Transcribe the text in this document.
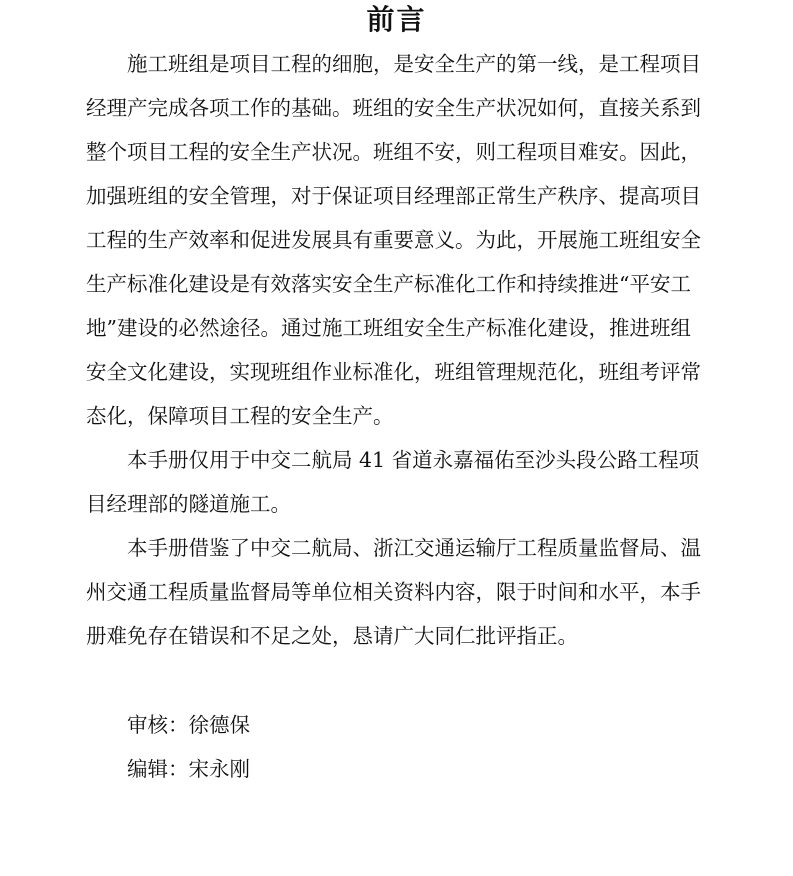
前言
施工班组是项目工程的细胞，是安全生产的第一线，是工程项目
经理产完成各项工作的基础。班组的安全生产状况如何，直接关系到
整个项目工程的安全生产状况。班组不安，则工程项目难安。因此，
加强班组的安全管理，对于保证项目经理部正常生产秩序、提高项目
工程的生产效率和促进发展具有重要意义。为此，开展施工班组安全
生产标准化建设是有效落实安全生产标准化工作和持续推进“平安工
地”建设的必然途径。通过施工班组安全生产标准化建设，推进班组
安全文化建设，实现班组作业标准化，班组管理规范化，班组考评常
态化，保障项目工程的安全生产。
本手册仅用于中交二航局 41 省道永嘉福佑至沙头段公路工程项
目经理部的隧道施工。
本手册借鉴了中交二航局、浙江交通运输厅工程质量监督局、温
州交通工程质量监督局等单位相关资料内容，限于时间和水平，本手
册难免存在错误和不足之处，恳请广大同仁批评指正。
审核：徐德保
编辑：宋永刚
